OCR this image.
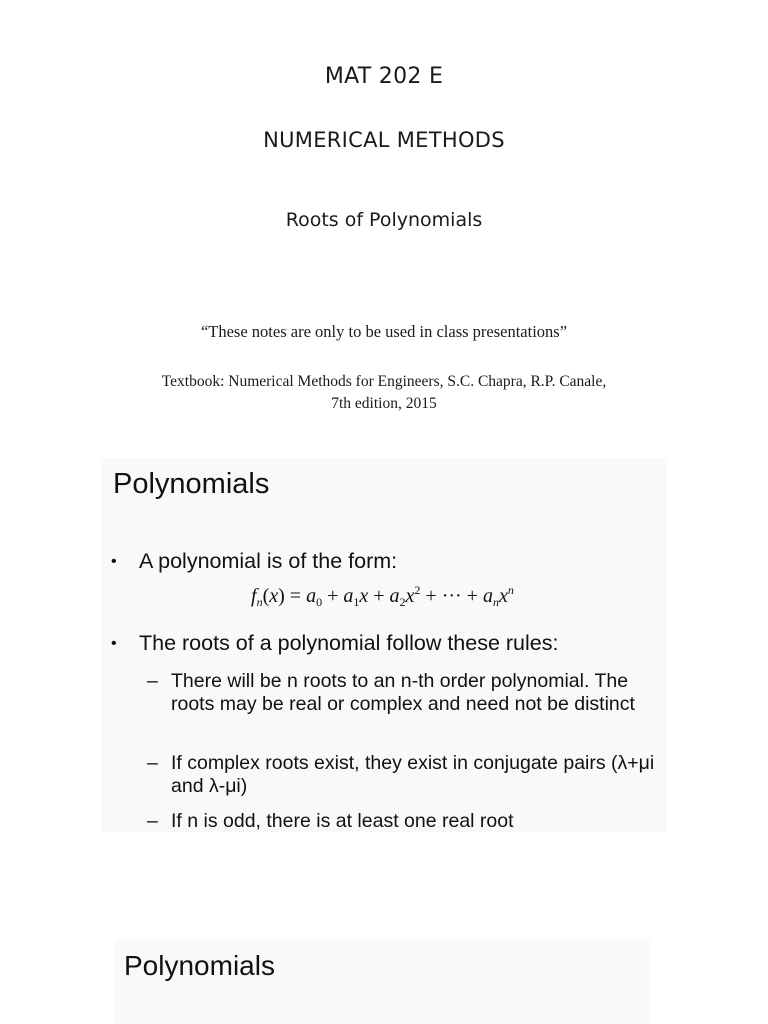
MAT 202 E
NUMERICAL METHODS
Roots of Polynomials
“These notes are only to be used in class presentations”
Textbook: Numerical Methods for Engineers, S.C. Chapra, R.P. Canale,
7th edition, 2015
Polynomials
• A polynomial is of the form:
$f_n(x) = a_0 + a_1x + a_2x^2$ + ··· + $a_nx^n$
• The roots of a polynomial follow these rules:
– There will be n roots to an n-th order polynomial. The roots may be real or complex and need not be distinct
– If complex roots exist, they exist in conjugate pairs (λ+μi and λ-μi)
– If n is odd, there is at least one real root
Polynomials
